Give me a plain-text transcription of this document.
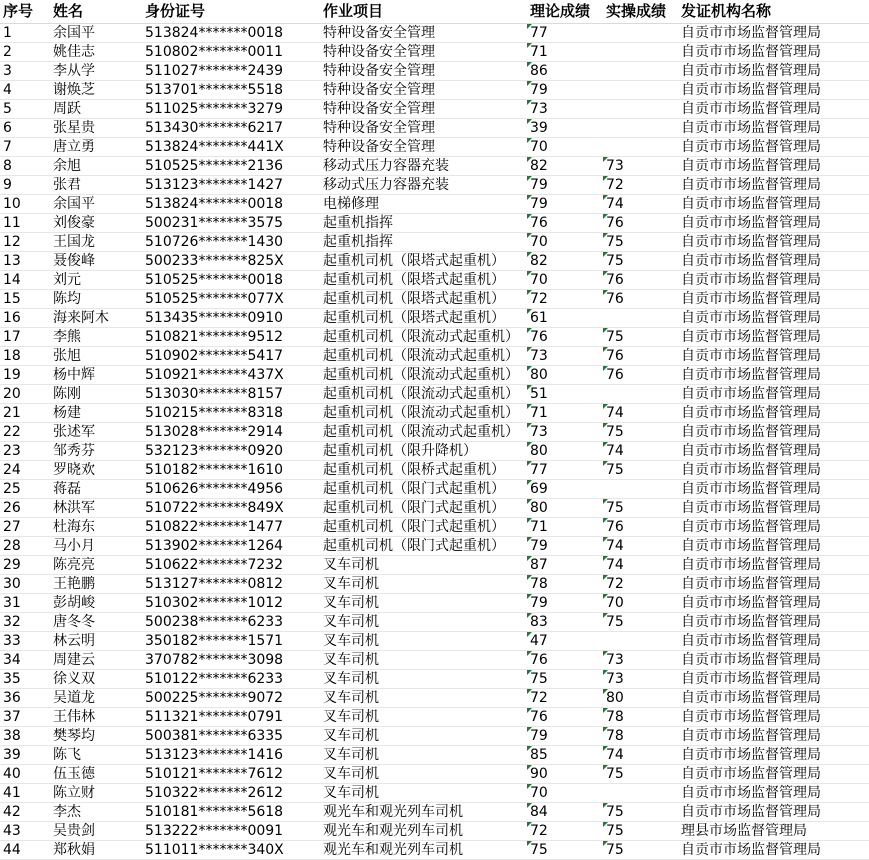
序号	姓名	身份证号	作业项目	理论成绩	实操成绩	发证机构名称
1	余国平	513824*******0018	特种设备安全管理	77		自贡市市场监督管理局
2	姚佳志	510802*******0011	特种设备安全管理	71		自贡市市场监督管理局
3	李从学	511027*******2439	特种设备安全管理	86		自贡市市场监督管理局
4	谢焕芝	513701*******5518	特种设备安全管理	79		自贡市市场监督管理局
5	周跃	511025*******3279	特种设备安全管理	73		自贡市市场监督管理局
6	张星贵	513430*******6217	特种设备安全管理	39		自贡市市场监督管理局
7	唐立勇	513824*******441X	特种设备安全管理	70		自贡市市场监督管理局
8	余旭	510525*******2136	移动式压力容器充装	82	73	自贡市市场监督管理局
9	张君	513123*******1427	移动式压力容器充装	79	72	自贡市市场监督管理局
10	余国平	513824*******0018	电梯修理	79	74	自贡市市场监督管理局
11	刘俊豪	500231*******3575	起重机指挥	76	76	自贡市市场监督管理局
12	王国龙	510726*******1430	起重机指挥	70	75	自贡市市场监督管理局
13	聂俊峰	500233*******825X	起重机司机（限塔式起重机）	82	75	自贡市市场监督管理局
14	刘元	510525*******0018	起重机司机（限塔式起重机）	70	76	自贡市市场监督管理局
15	陈均	510525*******077X	起重机司机（限塔式起重机）	72	76	自贡市市场监督管理局
16	海来阿木	513435*******0910	起重机司机（限塔式起重机）	61		自贡市市场监督管理局
17	李熊	510821*******9512	起重机司机（限流动式起重机）	76	75	自贡市市场监督管理局
18	张旭	510902*******5417	起重机司机（限流动式起重机）	73	76	自贡市市场监督管理局
19	杨中辉	510921*******437X	起重机司机（限流动式起重机）	80	76	自贡市市场监督管理局
20	陈刚	513030*******8157	起重机司机（限流动式起重机）	51		自贡市市场监督管理局
21	杨建	510215*******8318	起重机司机（限流动式起重机）	71	74	自贡市市场监督管理局
22	张述军	513028*******2914	起重机司机（限流动式起重机）	73	75	自贡市市场监督管理局
23	邹秀芬	532123*******0920	起重机司机（限升降机）	80	74	自贡市市场监督管理局
24	罗晓欢	510182*******1610	起重机司机（限桥式起重机）	77	75	自贡市市场监督管理局
25	蒋磊	510626*******4956	起重机司机（限门式起重机）	69		自贡市市场监督管理局
26	林洪军	510722*******849X	起重机司机（限门式起重机）	80	75	自贡市市场监督管理局
27	杜海东	510822*******1477	起重机司机（限门式起重机）	71	76	自贡市市场监督管理局
28	马小月	513902*******1264	起重机司机（限门式起重机）	79	74	自贡市市场监督管理局
29	陈亮亮	510622*******7232	叉车司机	87	74	自贡市市场监督管理局
30	王艳鹏	513127*******0812	叉车司机	78	72	自贡市市场监督管理局
31	彭胡峻	510302*******1012	叉车司机	79	70	自贡市市场监督管理局
32	唐冬冬	500238*******6233	叉车司机	83	75	自贡市市场监督管理局
33	林云明	350182*******1571	叉车司机	47		自贡市市场监督管理局
34	周建云	370782*******3098	叉车司机	76	73	自贡市市场监督管理局
35	徐义双	510122*******6233	叉车司机	75	73	自贡市市场监督管理局
36	吴道龙	500225*******9072	叉车司机	72	80	自贡市市场监督管理局
37	王伟林	511321*******0791	叉车司机	76	78	自贡市市场监督管理局
38	樊琴均	500381*******6335	叉车司机	79	78	自贡市市场监督管理局
39	陈飞	513123*******1416	叉车司机	85	74	自贡市市场监督管理局
40	伍玉德	510121*******7612	叉车司机	90	75	自贡市市场监督管理局
41	陈立财	510322*******2612	叉车司机	70		自贡市市场监督管理局
42	李杰	510181*******5618	观光车和观光列车司机	84	75	自贡市市场监督管理局
43	吴贵剑	513222*******0091	观光车和观光列车司机	72	75	理县市场监督管理局
44	郑秋娟	511011*******340X	观光车和观光列车司机	75	75	自贡市市场监督管理局
